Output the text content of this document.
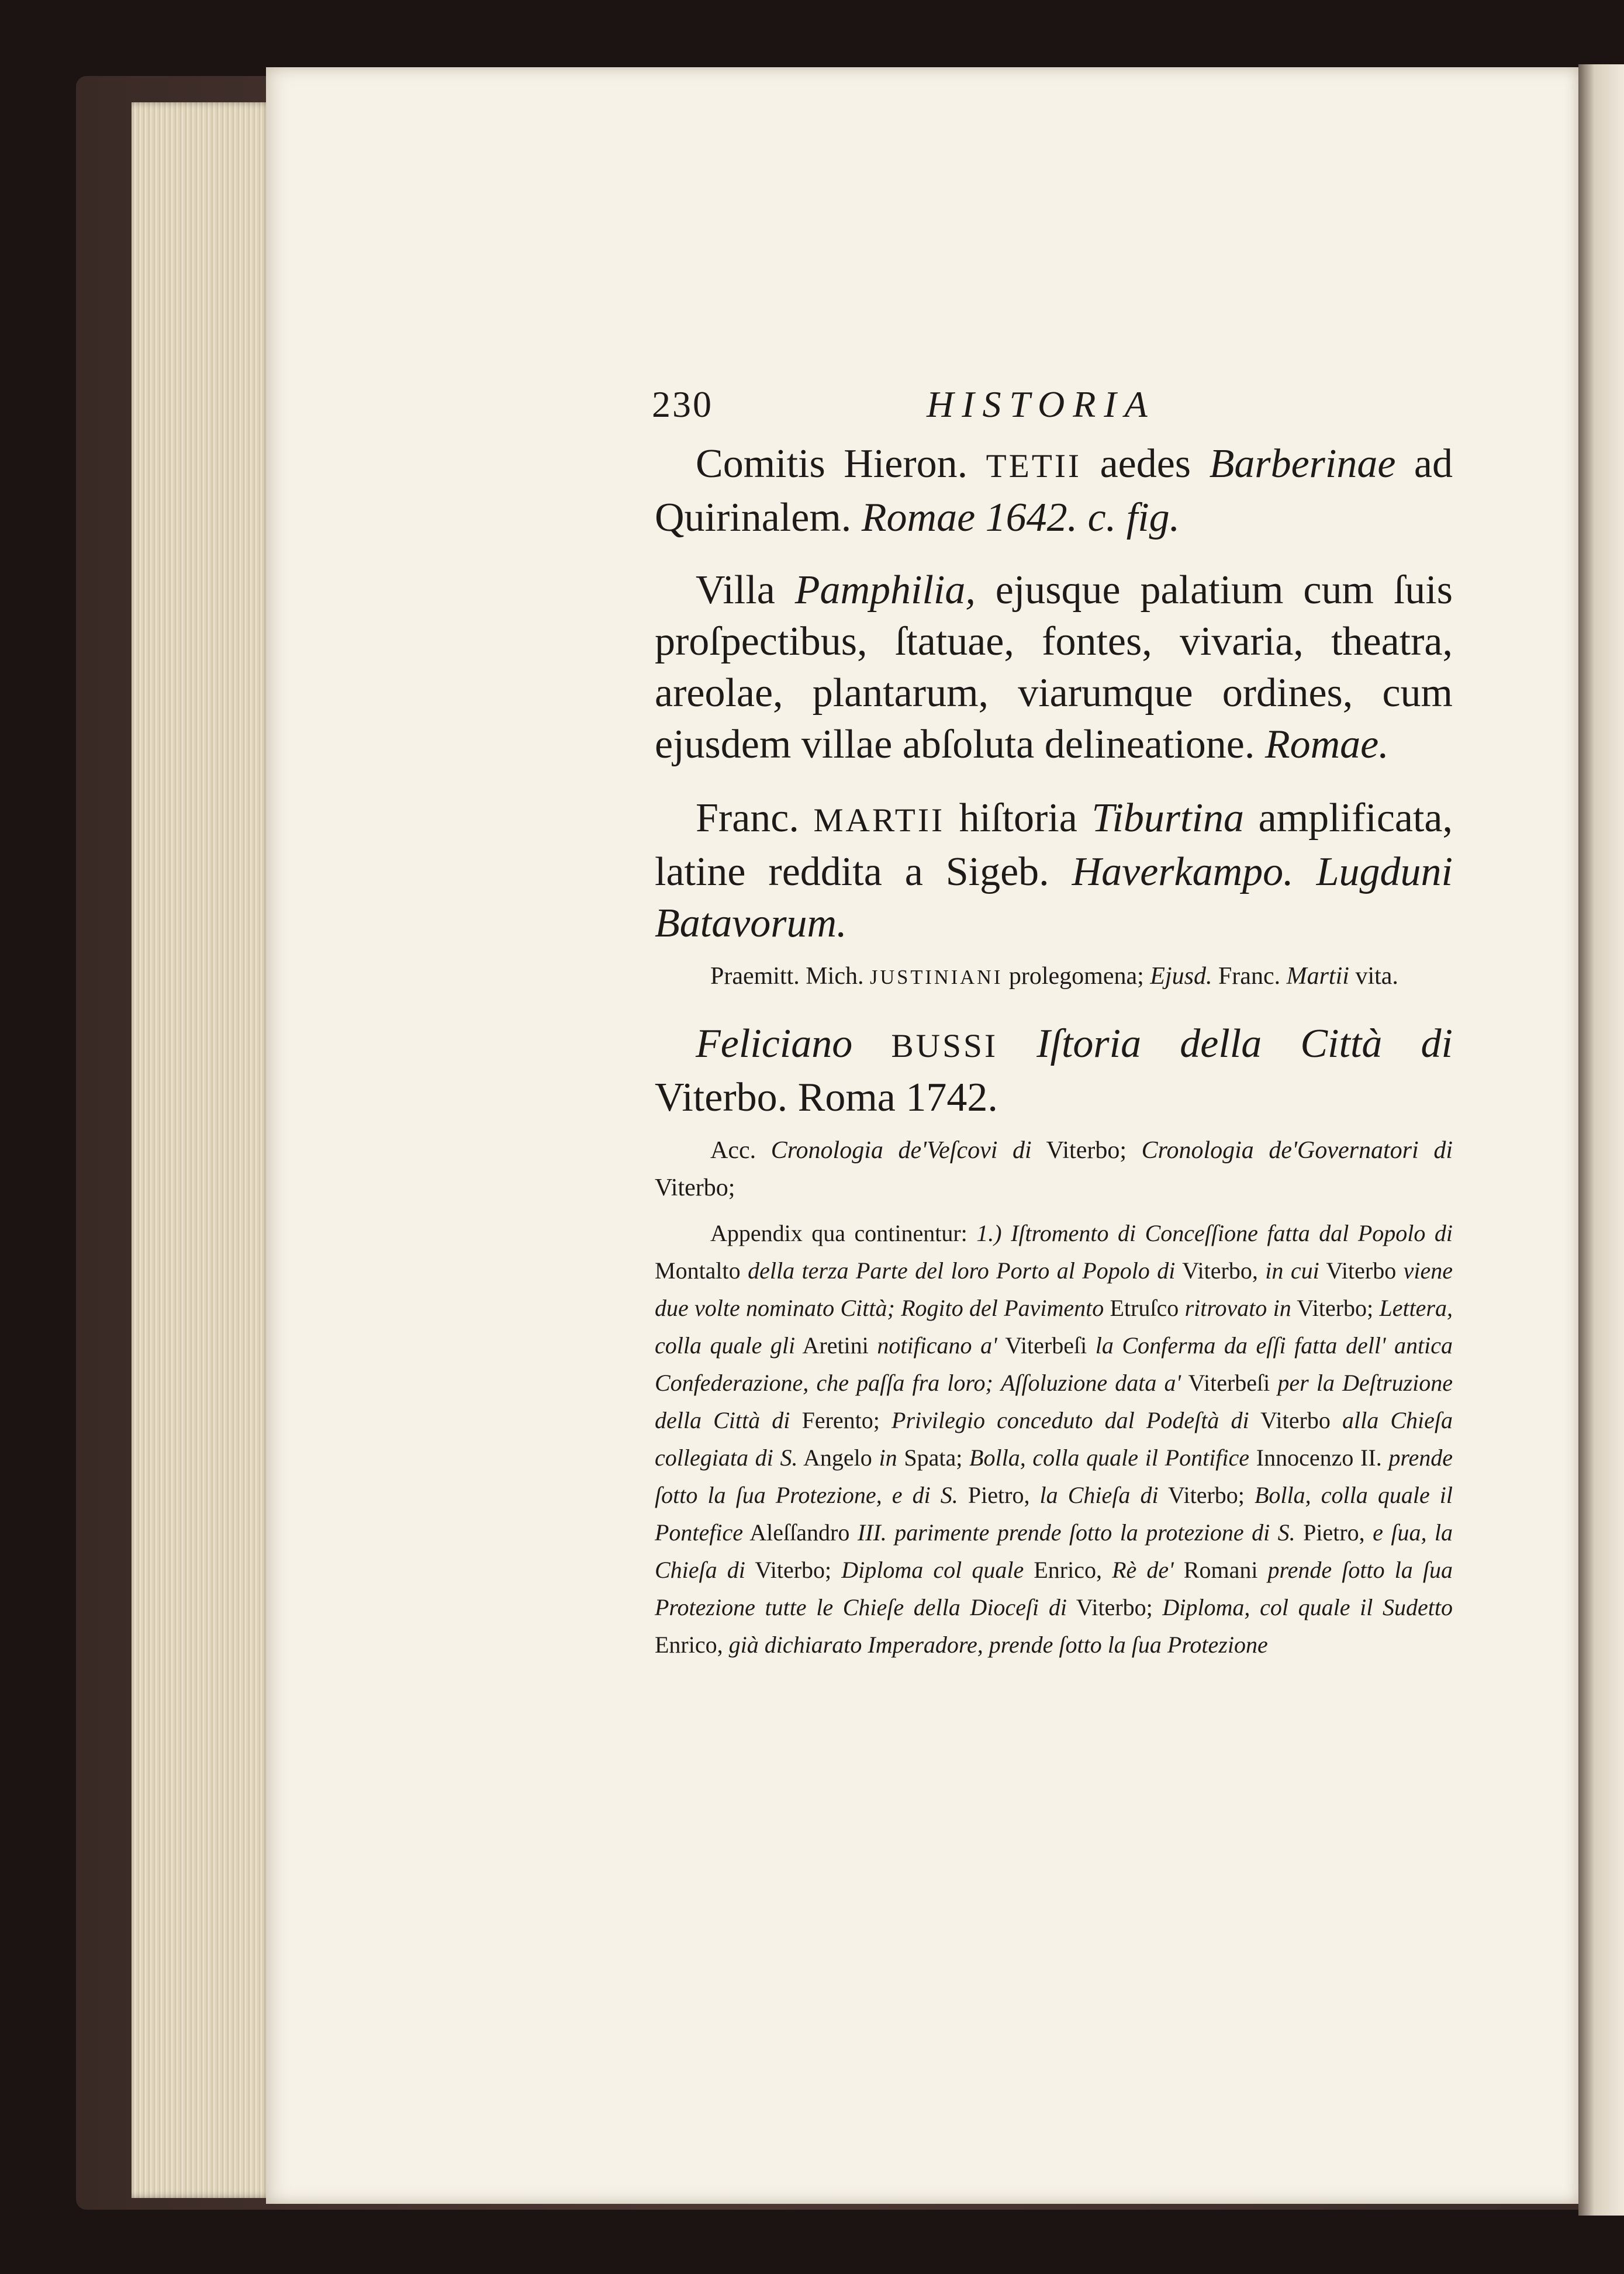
230	HISTORIA

Comitis Hieron. TETII aedes Barberinae ad Quirinalem. Romae 1642. c. fig.

Villa Pamphilia, ejusque palatium cum ſuis proſpectibus, ſtatuae, fontes, vivaria, theatra, areolae, plantarum, viarumque ordines, cum ejusdem villae abſoluta delineatione. Romae.

Franc. MARTII hiſtoria Tiburtina amplificata, latine reddita a Sigeb. Haverkampo. Lugduni Batavorum.

Praemitt. Mich. JUSTINIANI prolegomena; Ejusd. Franc. Martii vita.

Feliciano BUSSI Iſtoria della Città di Viterbo. Roma 1742.

Acc. Cronologia de'Veſcovi di Viterbo; Cronologia de'Governatori di Viterbo;

Appendix qua continentur: 1.) Iſtromento di Conceſſione fatta dal Popolo di Montalto della terza Parte del loro Porto al Popolo di Viterbo, in cui Viterbo viene due volte nominato Città; Rogito del Pavimento Etruſco ritrovato in Viterbo; Lettera, colla quale gli Aretini notificano a' Viterbeſi la Conferma da eſſi fatta dell' antica Confederazione, che paſſa fra loro; Aſſoluzione data a' Viterbeſi per la Deſtruzione della Città di Ferento; Privilegio conceduto dal Podeſtà di Viterbo alla Chieſa collegiata di S. Angelo in Spata; Bolla, colla quale il Pontifice Innocenzo II. prende ſotto la ſua Protezione, e di S. Pietro, la Chieſa di Viterbo; Bolla, colla quale il Pontefice Aleſſandro III. parimente prende ſotto la protezione di S. Pietro, e ſua, la Chieſa di Viterbo; Diploma col quale Enrico, Rè de' Romani prende ſotto la ſua Protezione tutte le Chieſe della Dioceſi di Viterbo; Diploma, col quale il Sudetto Enrico, già dichiarato Imperadore, prende ſotto la ſua Protezione
